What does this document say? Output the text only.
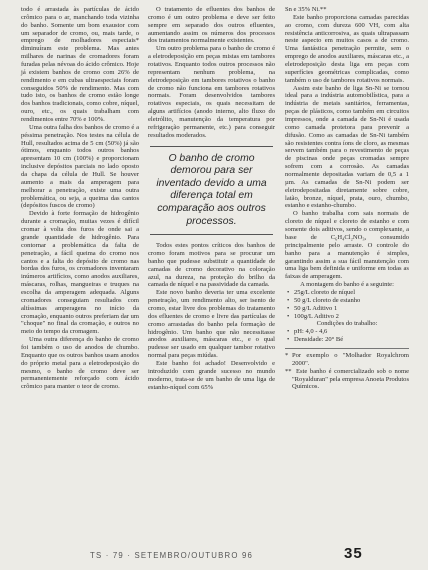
todo é arrastada às partículas de ácido crômico para o ar, manchando toda vizinha do banho. Somente um bom exaustor com um separador de cromo, ou, mais tarde, o emprego de molhadores especiais* diminuíram este problema. Mas antes milhares de narinas de cromadores foram furadas pelas névoas do ácido crômico. Hoje já existem banhos de cromo com 26% de rendimento e em cubas ultraespeciais foram conseguidos 50% de rendimento. Mas com tudo isto, os banhos de cromo estão longe dos banhos tradicionais, como cobre, níquel, ouro, etc., os quais trabalham com rendimentos entre 70% e 100%.

Uma outra falha dos banhos de cromo é a péssima penetração. Nos testes na célula de Hull, resultados acima de 5 cm (50%) já são ótimos, enquanto todos outros banhos apresentam 10 cm (100%) e proporcionam inclusive depósitos parciais no lado oposto da chapa da célula de Hull. Se houver aumento a mais da amperagem para melhorar a penetração, existe uma outra problemática, ou seja, a queima das cantos (depósitos fuscos de cromo)

Devido à forte formação de hidrogênio durante a cromação, muitas vezes é difícil cromar à volta dos furos de onde sai a grande quantidade de hidrogênio. Para contornar a problemática da falta de penetração, a fácil queima do cromo nos cantos e a falta do depósito de cromo nas bordas dos furos, os cromadores inventaram inúmeros artifícios, como anodos auxiliares, máscaras, rolhas, mangueiras e truques na escolha da amperagem adequada. Alguns cromadores conseguiam resultados com altíssimas amperagens no início da cromação, enquanto outros preferiam dar um "choque" no final da cromação, e outros no meio do tempo da cromagem.

Uma outra diferença do banho de cromo foi também o uso de anodos de chumbo. Enquanto que os outros banhos usam anodos do próprio metal para a eletrodeposição do mesmo, o banho de cromo deve ser permanentemente reforçado com ácido crômico para manter o teor de cromo.

O tratamento de efluentes dos banhos de cromo é um outro problema e deve ser feito sempre em separado dos outros efluentes, aumentando assim os números dos processos dos tratamentos normalmente existentes.

Um outro problema para o banho de cromo é a eletrodeposição em peças mistas em tambores rotativos. Enquanto todos outros processos não representam nenhum problema, na eletrodeposição em tambores rotativos o banho de cromo não funciona em tambores rotativos normais. Foram desenvolvidos tambores rotativos especiais, os quais necessitam de alguns artifícios (anodo interno, alto fluxo do eletrólito, manutenção da temperatura por refrigeração permanente, etc.) para conseguir resultados moderados.

O banho de cromo demorou para ser inventado devido a uma diferença total em comparação aos outros processos.

Todos estes pontos críticos dos banhos de cromo foram motivos para se procurar um banho que pudesse substituir a quantidade de camadas de cromo decorativo na coloração azul, na dureza, na proteção do brilho da camada de níquel e na passividade da camada.

Este novo banho deveria ter uma excelente penetração, um rendimento alto, ser isento de cromo, estar livre dos problemas do tratamento dos efluentes de cromo e livre das partículas de cromo arrastadas do banho pela formação de hidrogênio. Um banho que não necessitasse anodos auxiliares, máscaras etc., e o qual pudesse ser usado em qualquer tambor rotativo normal para peças miúdas.

Este banho foi achado! Desenvolvido e introduzido com grande sucesso no mundo moderno, trata-se de um banho de uma liga de estanho-níquel com 65%

Sn e 35% Ni.**

Este banho proporciona camadas parecidas ao cromo, com dureza 600 VH, com alta resistência anticorrosiva, as quais ultrapassam neste aspecto em muitos casos a de cromo. Uma fantástica penetração permite, sem o emprego de anodos auxiliares, máscaras etc., a eletrodeposição desta liga em peças com superfícies geométricas complicadas, como também o uso de tambores rotativos normais.

Assim este banho de liga Sn-Ni se tornou ideal para a indústria automobilística, para a indústria de metais sanitários, ferramentas, peças de plásticos, como também em circuitos impressos, onde a camada de Sn-Ni é usada como camada protetora para prevenir a difusão. Como as camadas de Sn-Ni também são resistentes contra íons de cloro, as mesmas servem também para o revestimento de peças de piscinas onde peças cromadas sempre sofrem com a corrosão. As camadas normalmente depositadas variam de 0,5 a 1 µm. As camadas de Sn-Ni podem ser eletrodepositadas diretamente sobre cobre, latão, bronze, níquel, prata, ouro, chumbo, estanho e estanho-chumbo.

O banho trabalha com sais normais de cloreto de níquel e cloreto de estanho e com somente dois aditivos, sendo o complexante, a base de C₆H₄Cl₂NO₃, consumido principalmente pelo arraste. O controle do banho para a manutenção é simples, garantindo assim a sua fácil manutenção com uma liga bem definida e uniforme em todas as faixas de amperagem.

A montagem do banho é a seguinte:

• 25g/L cloreto de níquel

• 50 g/L cloreto de estanho

• 50 g/L Aditivo 1

• 100g/L Aditivo 2

Condições do trabalho:

• pH: 4,0 - 4,6

• Densidade: 20° Bé

* Por exemplo o "Molhador Royalchrom 2000".

** Este banho é comercializado sob o nome "Royalduran" pela empresa Anoeta Produtos Químicos.

TS · 79 · SETEMBRO/OUTUBRO 96	35
